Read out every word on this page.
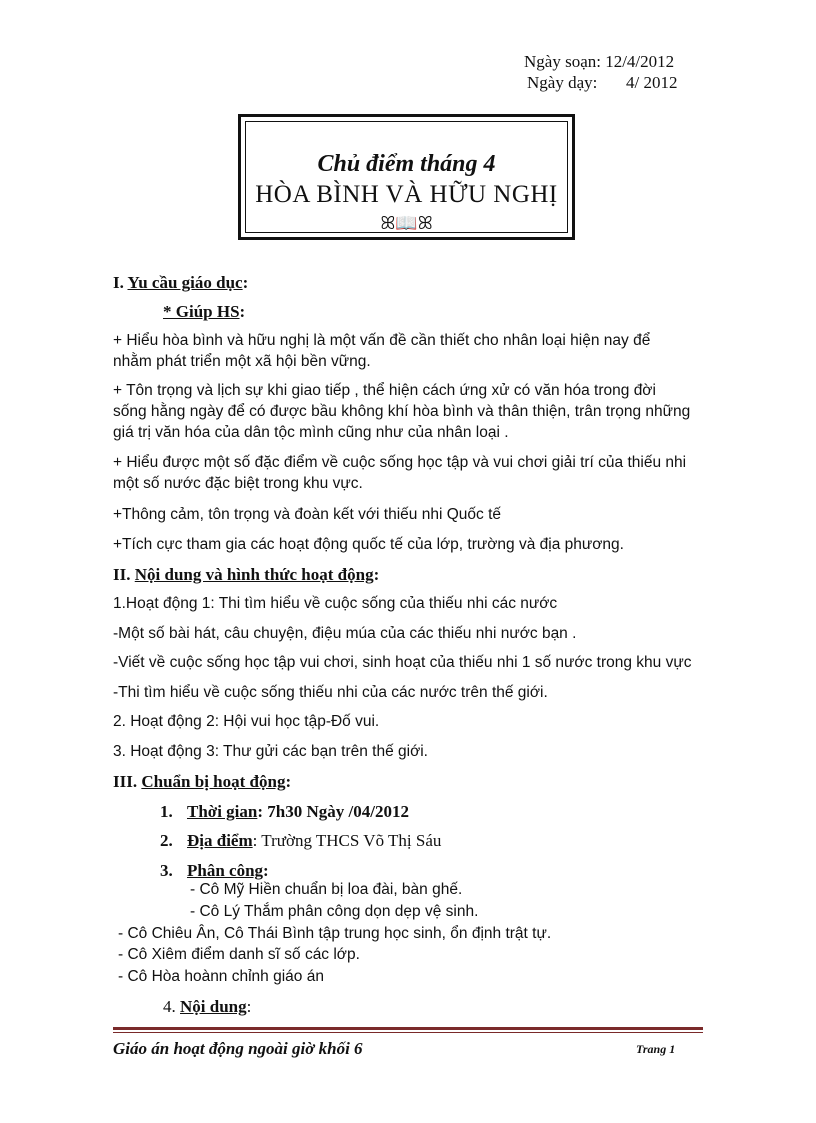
Ngày soạn: 12/4/2012
Ngày dạy: 4/ 2012
Chủ điểm tháng 4
HÒA BÌNH VÀ HỮU NGHỊ
ꕤ📖ꕤ
I. Yu cầu giáo dục:
* Giúp HS:
+ Hiểu hòa bình và hữu nghị là một vấn đề cần thiết cho nhân loại hiện nay để
nhằm phát triển một xã hội bền vững.
+ Tôn trọng và lịch sự khi giao tiếp , thể hiện cách ứng xử có văn hóa trong đời
sống hằng ngày để có được bầu không khí hòa bình và thân thiện, trân trọng những
giá trị văn hóa của dân tộc mình cũng như của nhân loại .
+ Hiểu được một số đặc điểm về cuộc sống học tập và vui chơi giải trí của thiếu nhi
một số nước đặc biệt trong khu vực.
+Thông cảm, tôn trọng và đoàn kết với thiếu nhi Quốc tế
+Tích cực tham gia các hoạt động quốc tế của lớp, trường và địa phương.
II. Nội dung và hình thức hoạt động:
1.Hoạt động 1: Thi tìm hiểu về cuộc sống của thiếu nhi các nước
-Một số bài hát, câu chuyện, điệu múa của các thiếu nhi nước bạn .
-Viết về cuộc sống học tập vui chơi, sinh hoạt của thiếu nhi 1 số nước trong khu vực
-Thi tìm hiểu về cuộc sống thiếu nhi của các nước trên thế giới.
2. Hoạt động 2: Hội vui học tập-Đố vui.
3. Hoạt động 3: Thư gửi các bạn trên thế giới.
III. Chuẩn bị hoạt động:
1. Thời gian: 7h30 Ngày /04/2012
2. Địa điểm: Trường THCS Võ Thị Sáu
3. Phân công:
- Cô Mỹ Hiền chuẩn bị loa đài, bàn ghế.
- Cô Lý Thắm phân công dọn dẹp vệ sinh.
- Cô Chiêu Ân, Cô Thái Bình tập trung học sinh, ổn định trật tự.
- Cô Xiêm điểm danh sĩ số các lớp.
- Cô Hòa hoànn chỉnh giáo án
4. Nội dung:
Giáo án hoạt động ngoài giờ khối 6	Trang 1
